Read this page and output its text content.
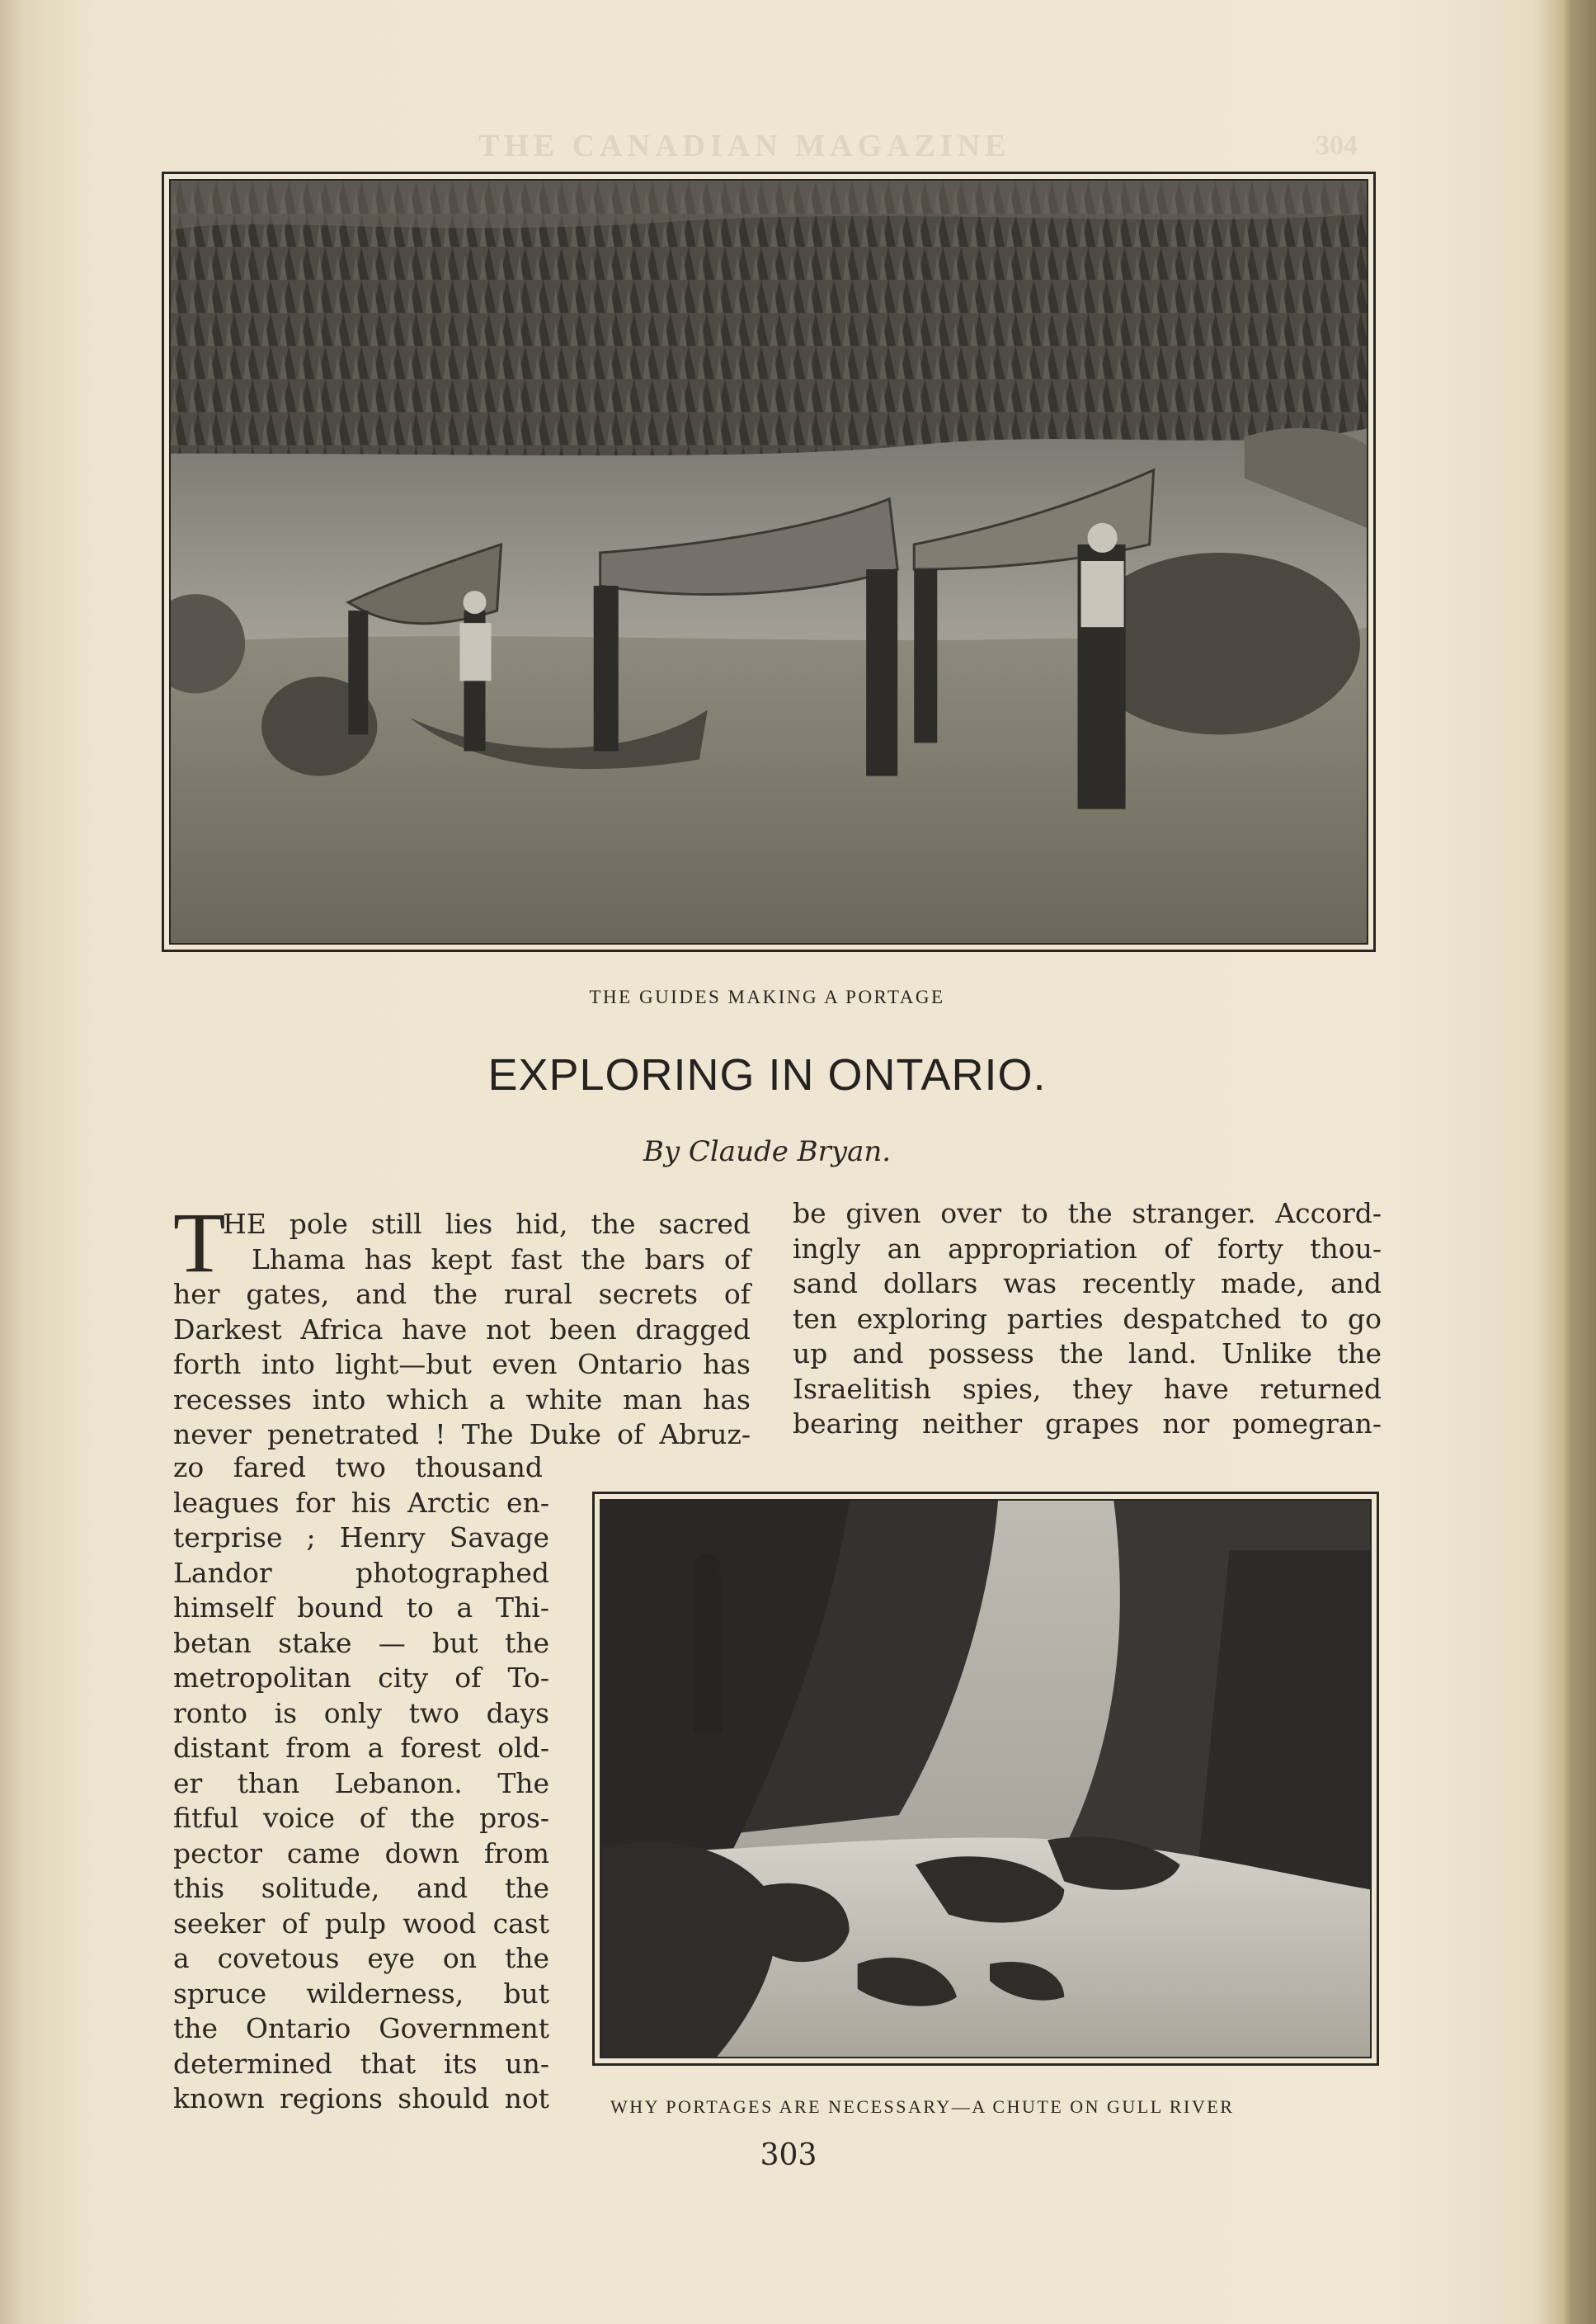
THE CANADIAN MAGAZINE	304
THE GUIDES MAKING A PORTAGE
EXPLORING IN ONTARIO.
By Claude Bryan.
T
HE pole still lies hid, the sacred
Lhama has kept fast the bars of
her gates, and the rural secrets of
Darkest Africa have not been dragged
forth into light—but even Ontario has
recesses into which a white man has
never penetrated ! The Duke of Abruz-
zo fared two thousand
leagues for his Arctic en-
terprise ; Henry Savage
Landor photographed
himself bound to a Thi-
betan stake — but the
metropolitan city of To-
ronto is only two days
distant from a forest old-
er than Lebanon. The
fitful voice of the pros-
pector came down from
this solitude, and the
seeker of pulp wood cast
a covetous eye on the
spruce wilderness, but
the Ontario Government
determined that its un-
known regions should not
be given over to the stranger. Accord-
ingly an appropriation of forty thou-
sand dollars was recently made, and
ten exploring parties despatched to go
up and possess the land. Unlike the
Israelitish spies, they have returned
bearing neither grapes nor pomegran-
WHY PORTAGES ARE NECESSARY—A CHUTE ON GULL RIVER
303
